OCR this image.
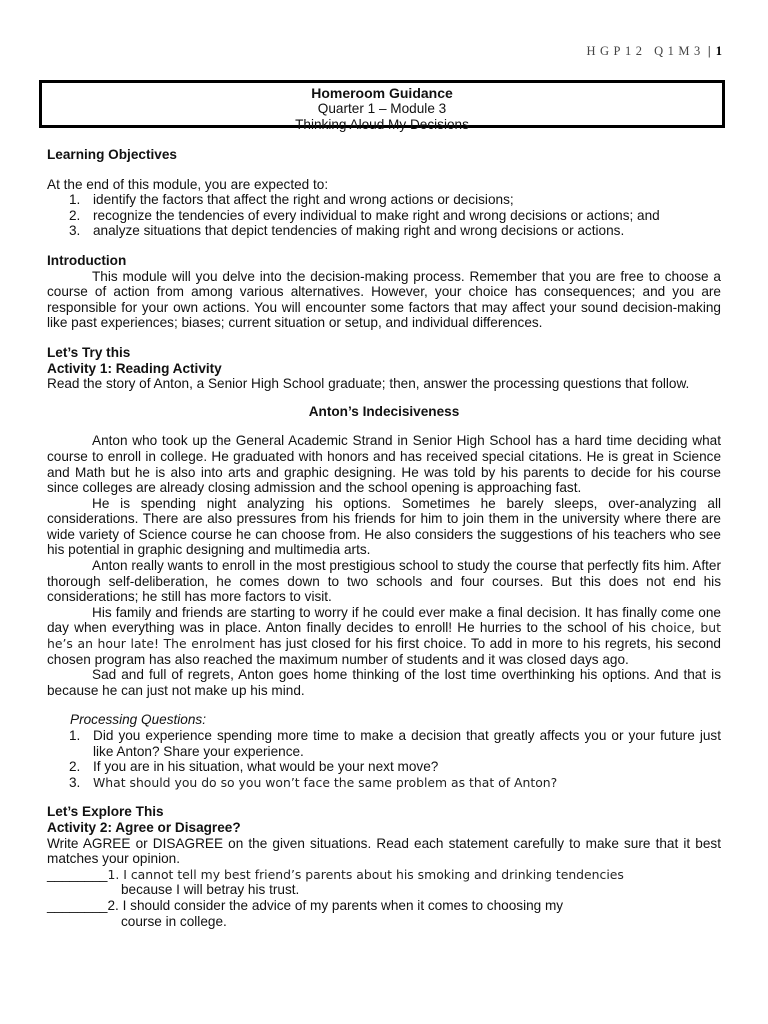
HGP12 Q1M3 | 1
Homeroom Guidance
Quarter 1 – Module 3
Thinking Aloud My Decisions
Learning Objectives
At the end of this module, you are expected to:
1. identify the factors that affect the right and wrong actions or decisions;
2. recognize the tendencies of every individual to make right and wrong decisions or actions; and
3. analyze situations that depict tendencies of making right and wrong decisions or actions.
Introduction
This module will you delve into the decision-making process. Remember that you are free to choose a course of action from among various alternatives. However, your choice has consequences; and you are responsible for your own actions. You will encounter some factors that may affect your sound decision-making like past experiences; biases; current situation or setup, and individual differences.
Let’s Try this
Activity 1: Reading Activity
Read the story of Anton, a Senior High School graduate; then, answer the processing questions that follow.
Anton’s Indecisiveness
Anton who took up the General Academic Strand in Senior High School has a hard time deciding what course to enroll in college. He graduated with honors and has received special citations. He is great in Science and Math but he is also into arts and graphic designing. He was told by his parents to decide for his course since colleges are already closing admission and the school opening is approaching fast.
He is spending night analyzing his options. Sometimes he barely sleeps, over-analyzing all considerations. There are also pressures from his friends for him to join them in the university where there are wide variety of Science course he can choose from. He also considers the suggestions of his teachers who see his potential in graphic designing and multimedia arts.
Anton really wants to enroll in the most prestigious school to study the course that perfectly fits him. After thorough self-deliberation, he comes down to two schools and four courses. But this does not end his considerations; he still has more factors to visit.
His family and friends are starting to worry if he could ever make a final decision. It has finally come one day when everything was in place. Anton finally decides to enroll! He hurries to the school of his choice, but he’s an hour late! The enrolment has just closed for his first choice. To add in more to his regrets, his second chosen program has also reached the maximum number of students and it was closed days ago.
Sad and full of regrets, Anton goes home thinking of the lost time overthinking his options. And that is because he can just not make up his mind.
Processing Questions:
1. Did you experience spending more time to make a decision that greatly affects you or your future just like Anton? Share your experience.
2. If you are in his situation, what would be your next move?
3. What should you do so you won’t face the same problem as that of Anton?
Let’s Explore This
Activity 2: Agree or Disagree?
Write AGREE or DISAGREE on the given situations. Read each statement carefully to make sure that it best matches your opinion.
________1. I cannot tell my best friend’s parents about his smoking and drinking tendencies
because I will betray his trust.
________2. I should consider the advice of my parents when it comes to choosing my
course in college.
